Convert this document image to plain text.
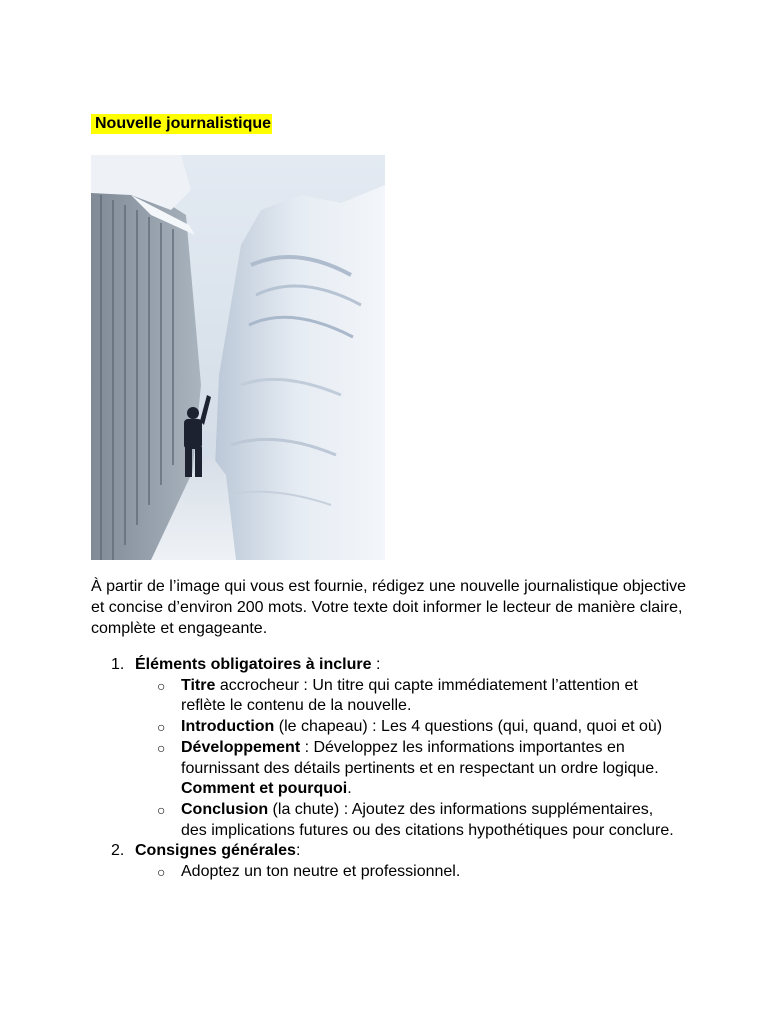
Nouvelle journalistique

À partir de l’image qui vous est fournie, rédigez une nouvelle journalistique objective et concise d’environ 200 mots. Votre texte doit informer le lecteur de manière claire, complète et engageante.

1. Éléments obligatoires à inclure :
○ Titre accrocheur : Un titre qui capte immédiatement l’attention et reflète le contenu de la nouvelle.
○ Introduction (le chapeau) : Les 4 questions (qui, quand, quoi et où)
○ Développement : Développez les informations importantes en fournissant des détails pertinents et en respectant un ordre logique. Comment et pourquoi.
○ Conclusion (la chute) : Ajoutez des informations supplémentaires, des implications futures ou des citations hypothétiques pour conclure.
2. Consignes générales:
○ Adoptez un ton neutre et professionnel.
